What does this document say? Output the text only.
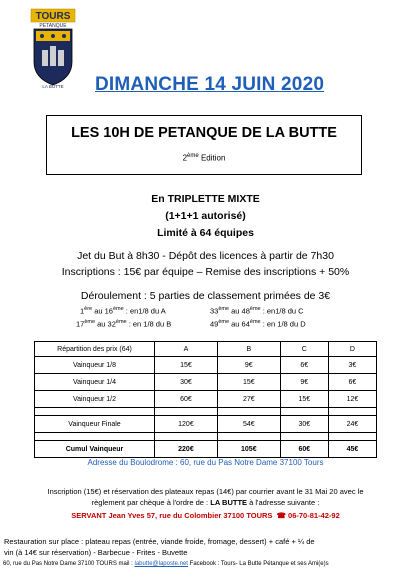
TOURS
PETANQUE
LA BUTTE DIMANCHE 14 JUIN 2020
LES 10H DE PETANQUE DE LA BUTTE
2ème Edition
En TRIPLETTE MIXTE
(1+1+1 autorisé)
Limité à 64 équipes
Jet du But à 8h30 - Dépôt des licences à partir de 7h30
Inscriptions : 15€ par équipe – Remise des inscriptions + 50%
Déroulement : 5 parties de classement primées de 3€
1ère au 16ème : en1/8 du A	33ème au 48ème : en1/8 du C
17ème au 32ème : en 1/8 du B	49ème au 64ème : en 1/8 du D
Répartition des prix (64)	A	B	C	D
Vainqueur 1/8	15€	9€	6€	3€
Vainqueur 1/4	30€	15€	9€	6€
Vainqueur 1/2	60€	27€	15€	12€

Vainqueur Finale	120€	54€	30€	24€

Cumul Vainqueur	220€	105€	60€	45€
Adresse du Boulodrome : 60, rue du Pas Notre Dame 37100 Tours
Inscription (15€) et réservation des plateaux repas (14€) par courrier avant le 31 Mai 20 avec le
règlement par chèque à l'ordre de : LA BUTTE à l'adresse suivante :
SERVANT Jean Yves 57, rue du Colombier 37100 TOURS ☎ 06-70-81-42-92
Restauration sur place : plateau repas (entrée, viande froide, fromage, dessert) + café + ¼ de
vin (à 14€ sur réservation) - Barbecue - Frites - Buvette
60, rue du Pas Notre Dame 37100 TOURS mail : labutte@laposte.net Facebook : Tours- La Butte Pétanque et ses Ami(e)s
